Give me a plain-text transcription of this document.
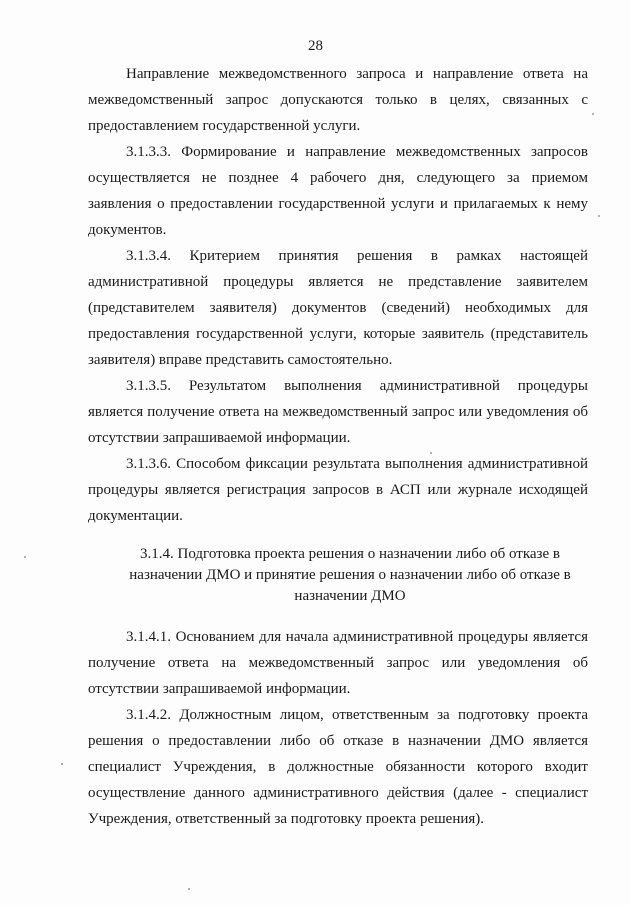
28

Направление межведомственного запроса и направление ответа на межведомственный запрос допускаются только в целях, связанных с предоставлением государственной услуги.

3.1.3.3. Формирование и направление межведомственных запросов осуществляется не позднее 4 рабочего дня, следующего за приемом заявления о предоставлении государственной услуги и прилагаемых к нему документов.

3.1.3.4. Критерием принятия решения в рамках настоящей административной процедуры является не представление заявителем (представителем заявителя) документов (сведений) необходимых для предоставления государственной услуги, которые заявитель (представитель заявителя) вправе представить самостоятельно.

3.1.3.5. Результатом выполнения административной процедуры является получение ответа на межведомственный запрос или уведомления об отсутствии запрашиваемой информации.

3.1.3.6. Способом фиксации результата выполнения административной процедуры является регистрация запросов в АСП или журнале исходящей документации.

3.1.4. Подготовка проекта решения о назначении либо об отказе в назначении ДМО и принятие решения о назначении либо об отказе в назначении ДМО

3.1.4.1. Основанием для начала административной процедуры является получение ответа на межведомственный запрос или уведомления об отсутствии запрашиваемой информации.

3.1.4.2. Должностным лицом, ответственным за подготовку проекта решения о предоставлении либо об отказе в назначении ДМО является специалист Учреждения, в должностные обязанности которого входит осуществление данного административного действия (далее - специалист Учреждения, ответственный за подготовку проекта решения).
